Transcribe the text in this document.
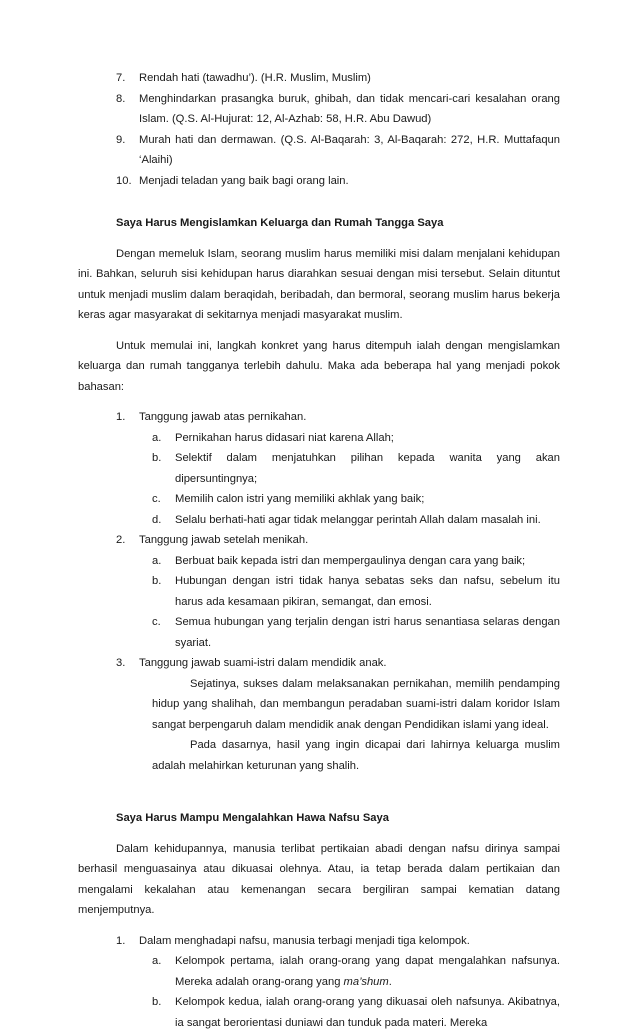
7.	Rendah hati (tawadhu’). (H.R. Muslim, Muslim)
8.	Menghindarkan prasangka buruk, ghibah, dan tidak mencari-cari kesalahan orang Islam. (Q.S. Al-Hujurat: 12, Al-Azhab: 58, H.R. Abu Dawud)
9.	Murah hati dan dermawan. (Q.S. Al-Baqarah: 3, Al-Baqarah: 272, H.R. Muttafaqun ‘Alaihi)
10. Menjadi teladan yang baik bagi orang lain.

Saya Harus Mengislamkan Keluarga dan Rumah Tangga Saya

Dengan memeluk Islam, seorang muslim harus memiliki misi dalam menjalani kehidupan ini. Bahkan, seluruh sisi kehidupan harus diarahkan sesuai dengan misi tersebut. Selain dituntut untuk menjadi muslim dalam beraqidah, beribadah, dan bermoral, seorang muslim harus bekerja keras agar masyarakat di sekitarnya menjadi masyarakat muslim.

Untuk memulai ini, langkah konkret yang harus ditempuh ialah dengan mengislamkan keluarga dan rumah tangganya terlebih dahulu. Maka ada beberapa hal yang menjadi pokok bahasan:

1.	Tanggung jawab atas pernikahan.
a.	Pernikahan harus didasari niat karena Allah;
b.	Selektif dalam menjatuhkan pilihan kepada wanita yang akan dipersuntingnya;
c.	Memilih calon istri yang memiliki akhlak yang baik;
d.	Selalu berhati-hati agar tidak melanggar perintah Allah dalam masalah ini.
2.	Tanggung jawab setelah menikah.
a.	Berbuat baik kepada istri dan mempergaulinya dengan cara yang baik;
b.	Hubungan dengan istri tidak hanya sebatas seks dan nafsu, sebelum itu harus ada kesamaan pikiran, semangat, dan emosi.
c.	Semua hubungan yang terjalin dengan istri harus senantiasa selaras dengan syariat.
3.	Tanggung jawab suami-istri dalam mendidik anak.

Sejatinya, sukses dalam melaksanakan pernikahan, memilih pendamping hidup yang shalihah, dan membangun peradaban suami-istri dalam koridor Islam sangat berpengaruh dalam mendidik anak dengan Pendidikan islami yang ideal.

Pada dasarnya, hasil yang ingin dicapai dari lahirnya keluarga muslim adalah melahirkan keturunan yang shalih.

Saya Harus Mampu Mengalahkan Hawa Nafsu Saya

Dalam kehidupannya, manusia terlibat pertikaian abadi dengan nafsu dirinya sampai berhasil menguasainya atau dikuasai olehnya. Atau, ia tetap berada dalam pertikaian dan mengalami kekalahan atau kemenangan secara bergiliran sampai kematian datang menjemputnya.

1.	Dalam menghadapi nafsu, manusia terbagi menjadi tiga kelompok.
a.	Kelompok pertama, ialah orang-orang yang dapat mengalahkan nafsunya. Mereka adalah orang-orang yang ma’shum.
b.	Kelompok kedua, ialah orang-orang yang dikuasai oleh nafsunya. Akibatnya, ia sangat berorientasi duniawi dan tunduk pada materi. Mereka
